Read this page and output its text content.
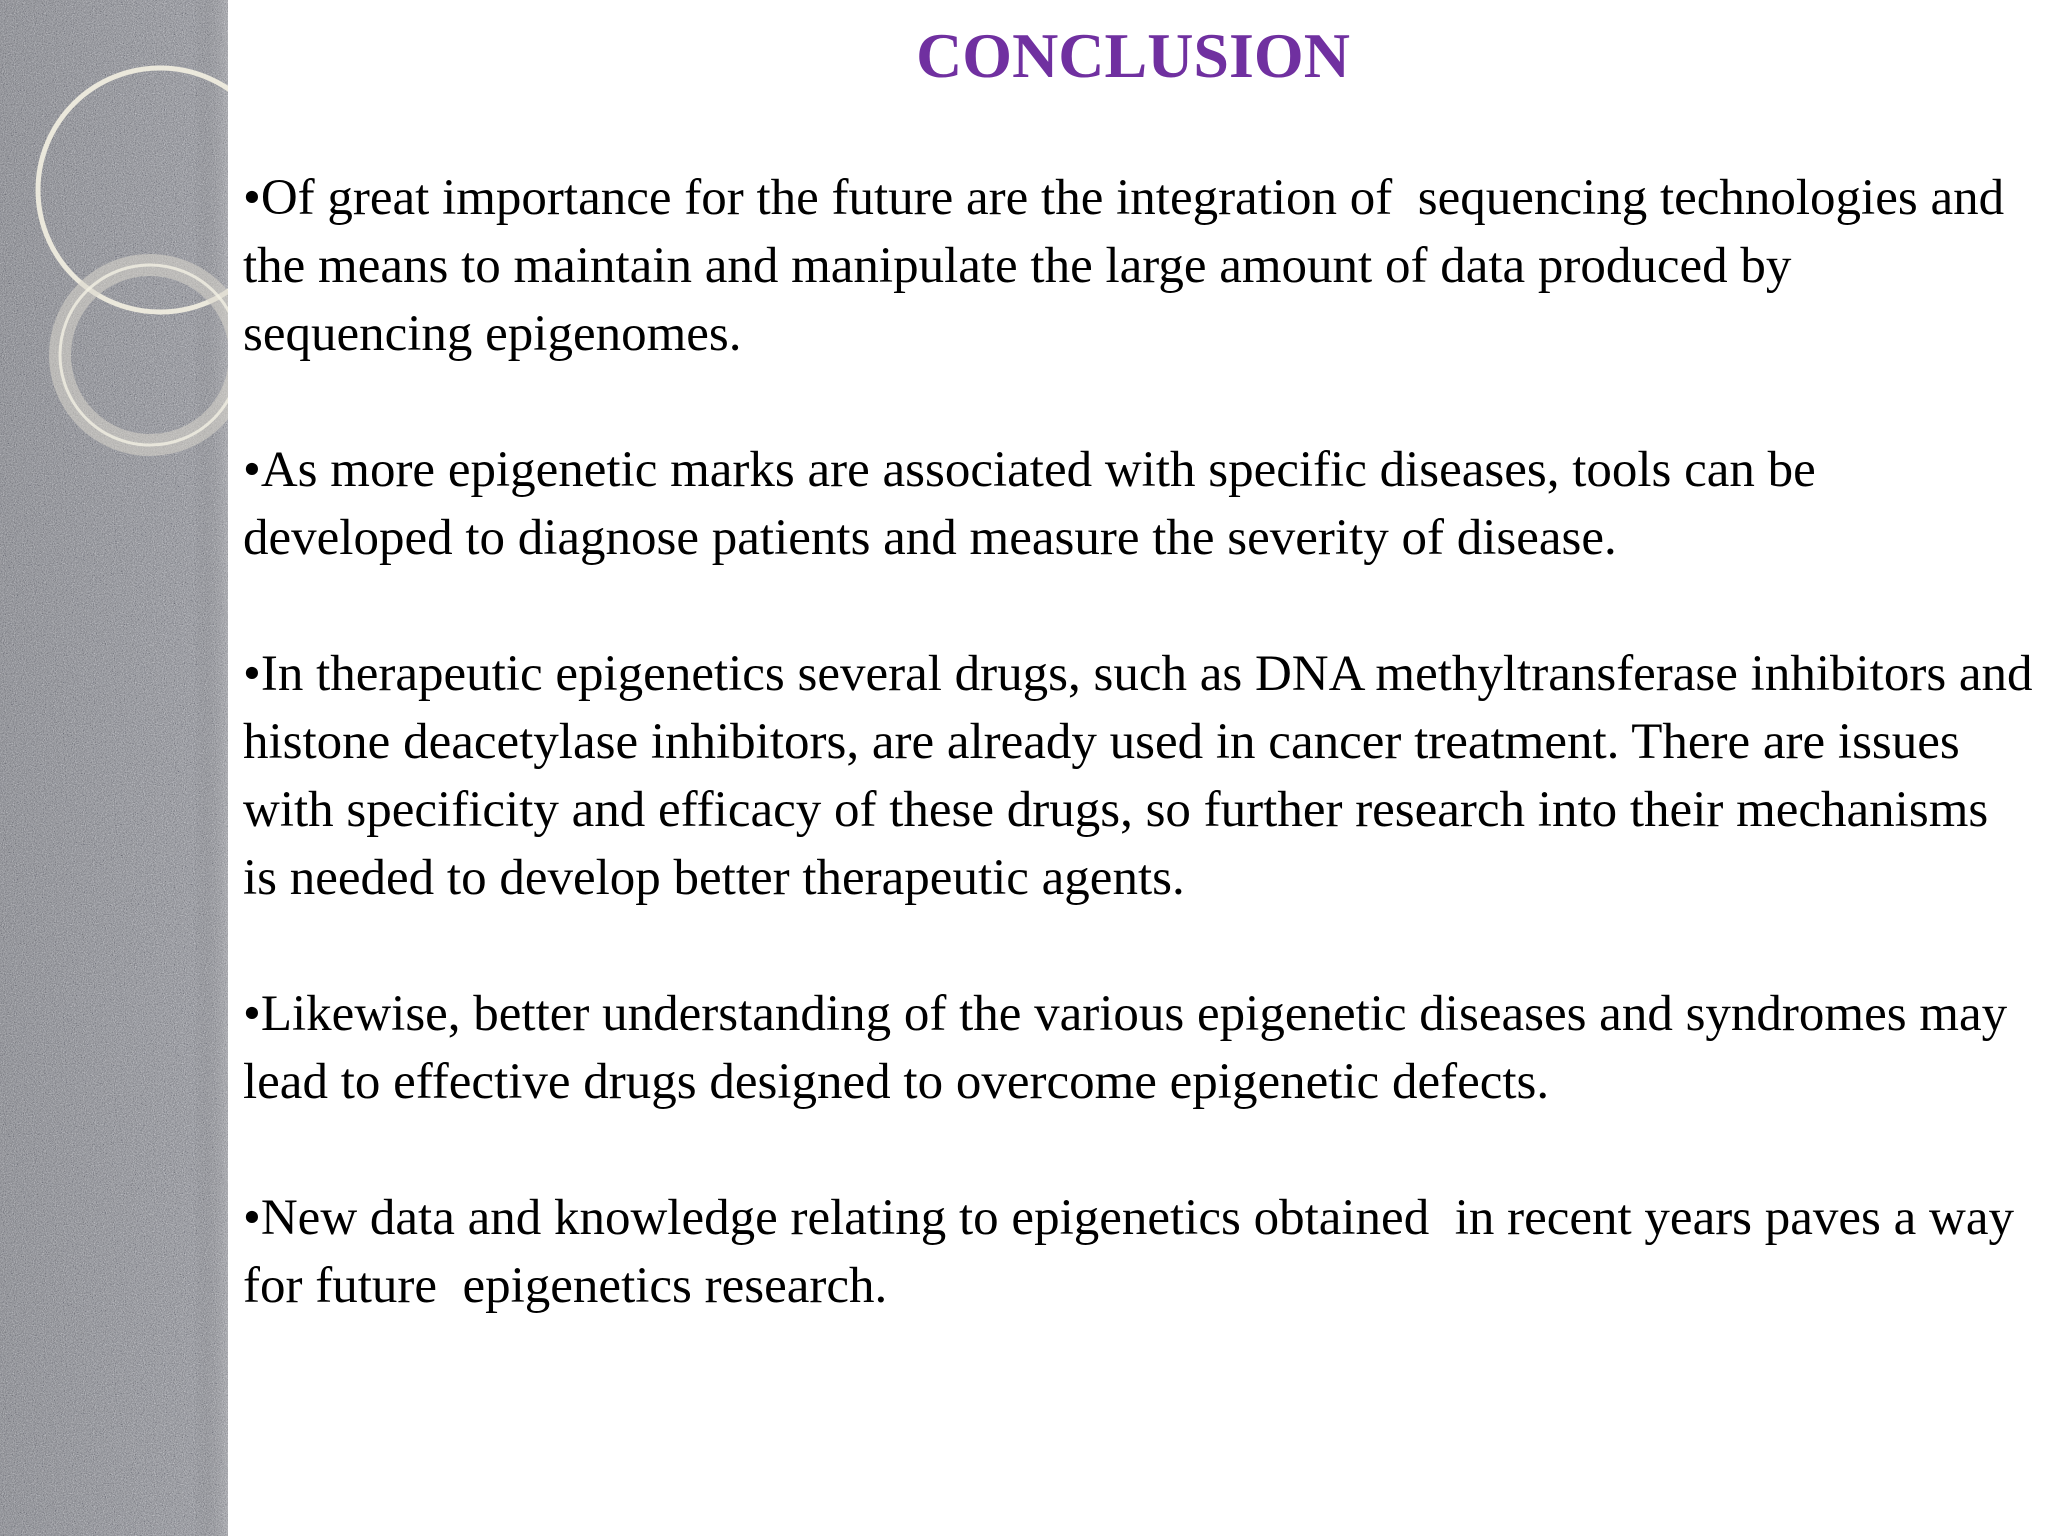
CONCLUSION

•Of great importance for the future are the integration of  sequencing technologies and the means to maintain and manipulate the large amount of data produced by sequencing epigenomes.

•As more epigenetic marks are associated with specific diseases, tools can be developed to diagnose patients and measure the severity of disease.

•In therapeutic epigenetics several drugs, such as DNA methyltransferase inhibitors and histone deacetylase inhibitors, are already used in cancer treatment. There are issues with specificity and efficacy of these drugs, so further research into their mechanisms is needed to develop better therapeutic agents.

•Likewise, better understanding of the various epigenetic diseases and syndromes may lead to effective drugs designed to overcome epigenetic defects.

•New data and knowledge relating to epigenetics obtained  in recent years paves a way for future  epigenetics research.
